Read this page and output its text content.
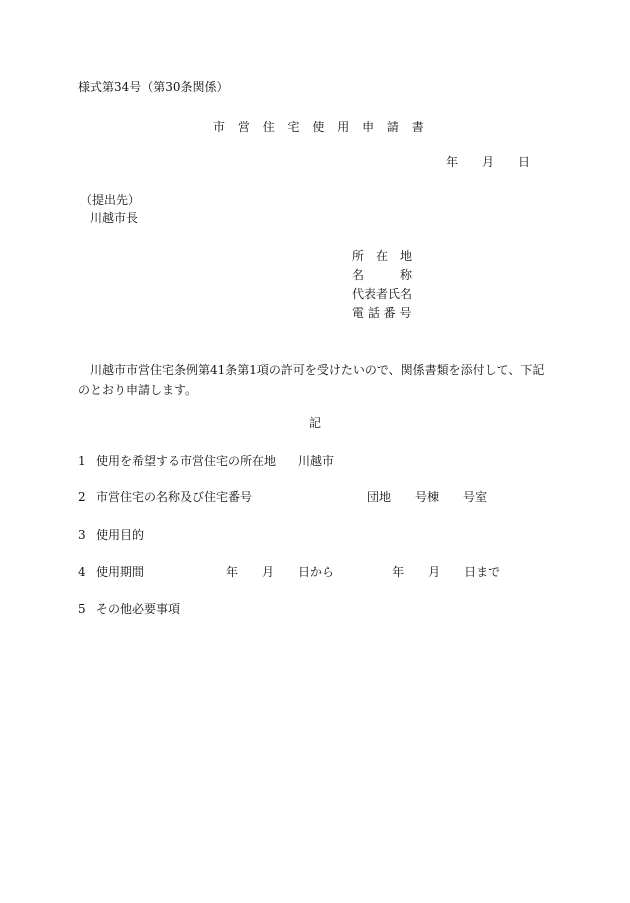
様式第34号（第30条関係）
市 営 住 宅 使 用 申 請 書
年 月 日
（提出先）
川越市長
所　在　地
名　　　称
代表者氏名
電 話 番 号
川越市市営住宅条例第41条第1項の許可を受けたいので、関係書類を添付して、下記のとおり申請します。
記
1 使用を希望する市営住宅の所在地 川越市
2 市営住宅の名称及び住宅番号	団地 号棟 号室
3 使用目的
4 使用期間	年 月 日から	年 月 日まで
5 その他必要事項
